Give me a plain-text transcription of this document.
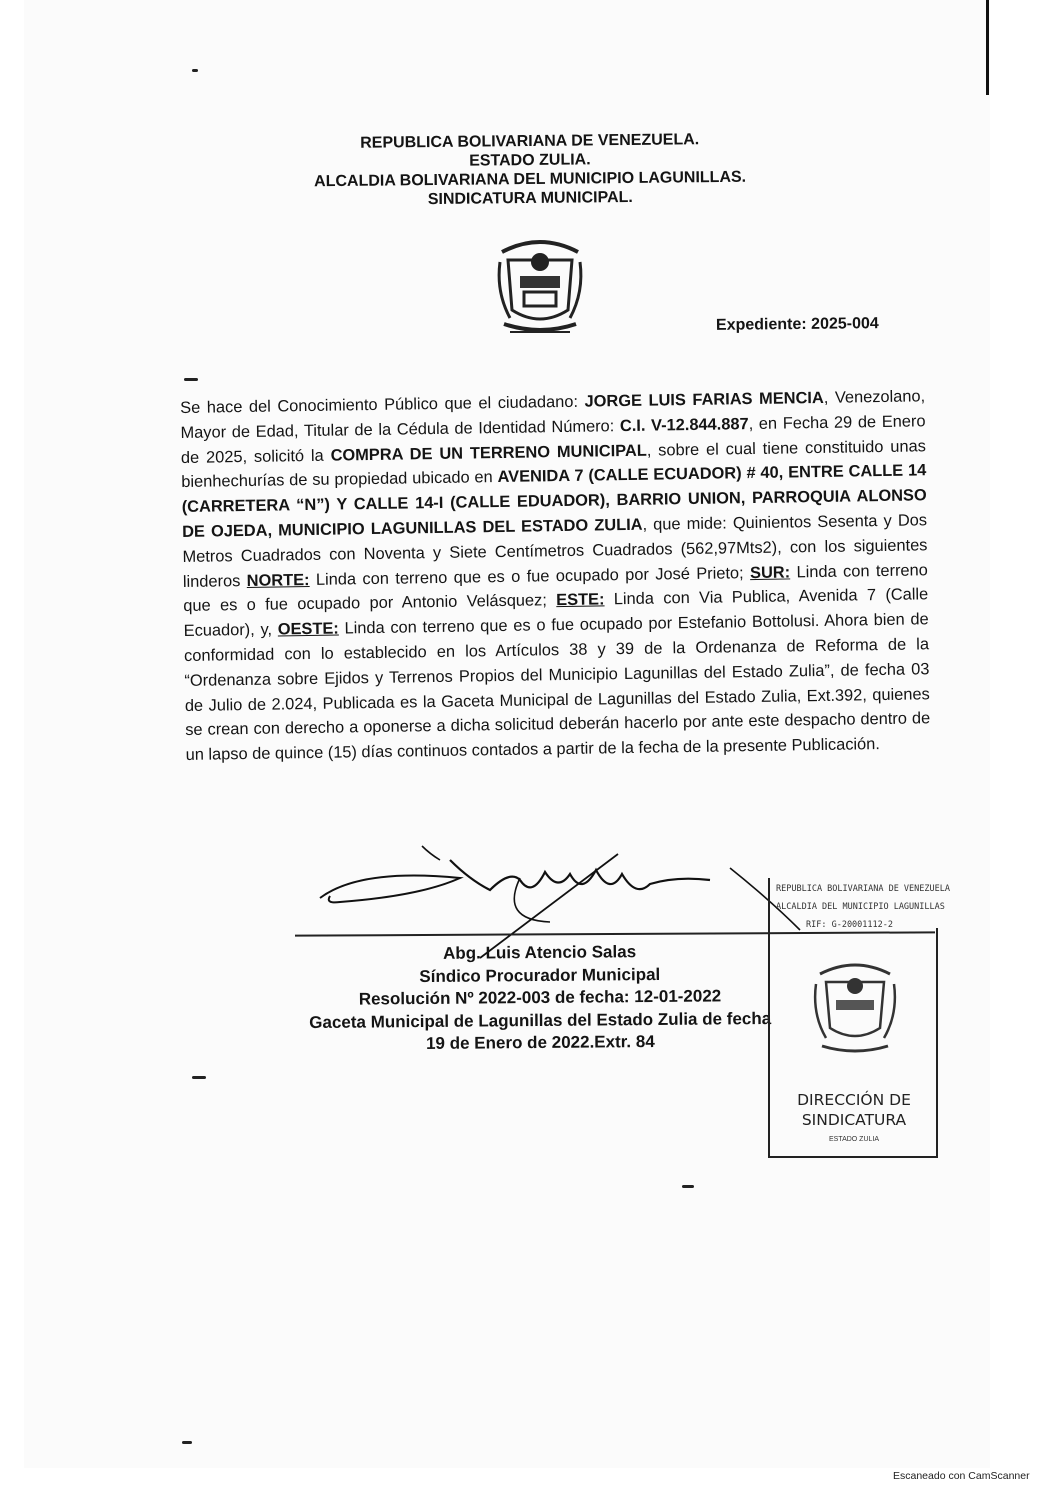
REPUBLICA BOLIVARIANA DE VENEZUELA.
ESTADO ZULIA.
ALCALDIA BOLIVARIANA DEL MUNICIPIO LAGUNILLAS.
SINDICATURA MUNICIPAL.
Expediente: 2025-004
Se hace del Conocimiento Público que el ciudadano: JORGE LUIS FARIAS MENCIA, Venezolano, Mayor de Edad, Titular de la Cédula de Identidad Número: C.I. V-12.844.887, en Fecha 29 de Enero de 2025, solicitó la COMPRA DE UN TERRENO MUNICIPAL, sobre el cual tiene constituido unas bienhechurías de su propiedad ubicado en AVENIDA 7 (CALLE ECUADOR) # 40, ENTRE CALLE 14 (CARRETERA “N”) Y CALLE 14-I (CALLE EDUADOR), BARRIO UNION, PARROQUIA ALONSO DE OJEDA, MUNICIPIO LAGUNILLAS DEL ESTADO ZULIA, que mide: Quinientos Sesenta y Dos Metros Cuadrados con Noventa y Siete Centímetros Cuadrados (562,97Mts2), con los siguientes linderos NORTE: Linda con terreno que es o fue ocupado por José Prieto; SUR: Linda con terreno que es o fue ocupado por Antonio Velásquez; ESTE: Linda con Via Publica, Avenida 7 (Calle Ecuador), y, OESTE: Linda con terreno que es o fue ocupado por Estefanio Bottolusi. Ahora bien de conformidad con lo establecido en los Artículos 38 y 39 de la Ordenanza de Reforma de la “Ordenanza sobre Ejidos y Terrenos Propios del Municipio Lagunillas del Estado Zulia”, de fecha 03 de Julio de 2.024, Publicada es la Gaceta Municipal de Lagunillas del Estado Zulia, Ext.392, quienes se crean con derecho a oponerse a dicha solicitud deberán hacerlo por ante este despacho dentro de un lapso de quince (15) días continuos contados a partir de la fecha de la presente Publicación.
Abg. Luis Atencio Salas
Síndico Procurador Municipal
Resolución Nº 2022-003 de fecha: 12-01-2022
Gaceta Municipal de Lagunillas del Estado Zulia de fecha
19 de Enero de 2022.Extr. 84
REPUBLICA BOLIVARIANA DE VENEZUELA
ALCALDIA DEL MUNICIPIO LAGUNILLAS
RIF: G-20001112-2
DIRECCIÓN DE
SINDICATURA
ESTADO ZULIA
Escaneado con CamScanner
